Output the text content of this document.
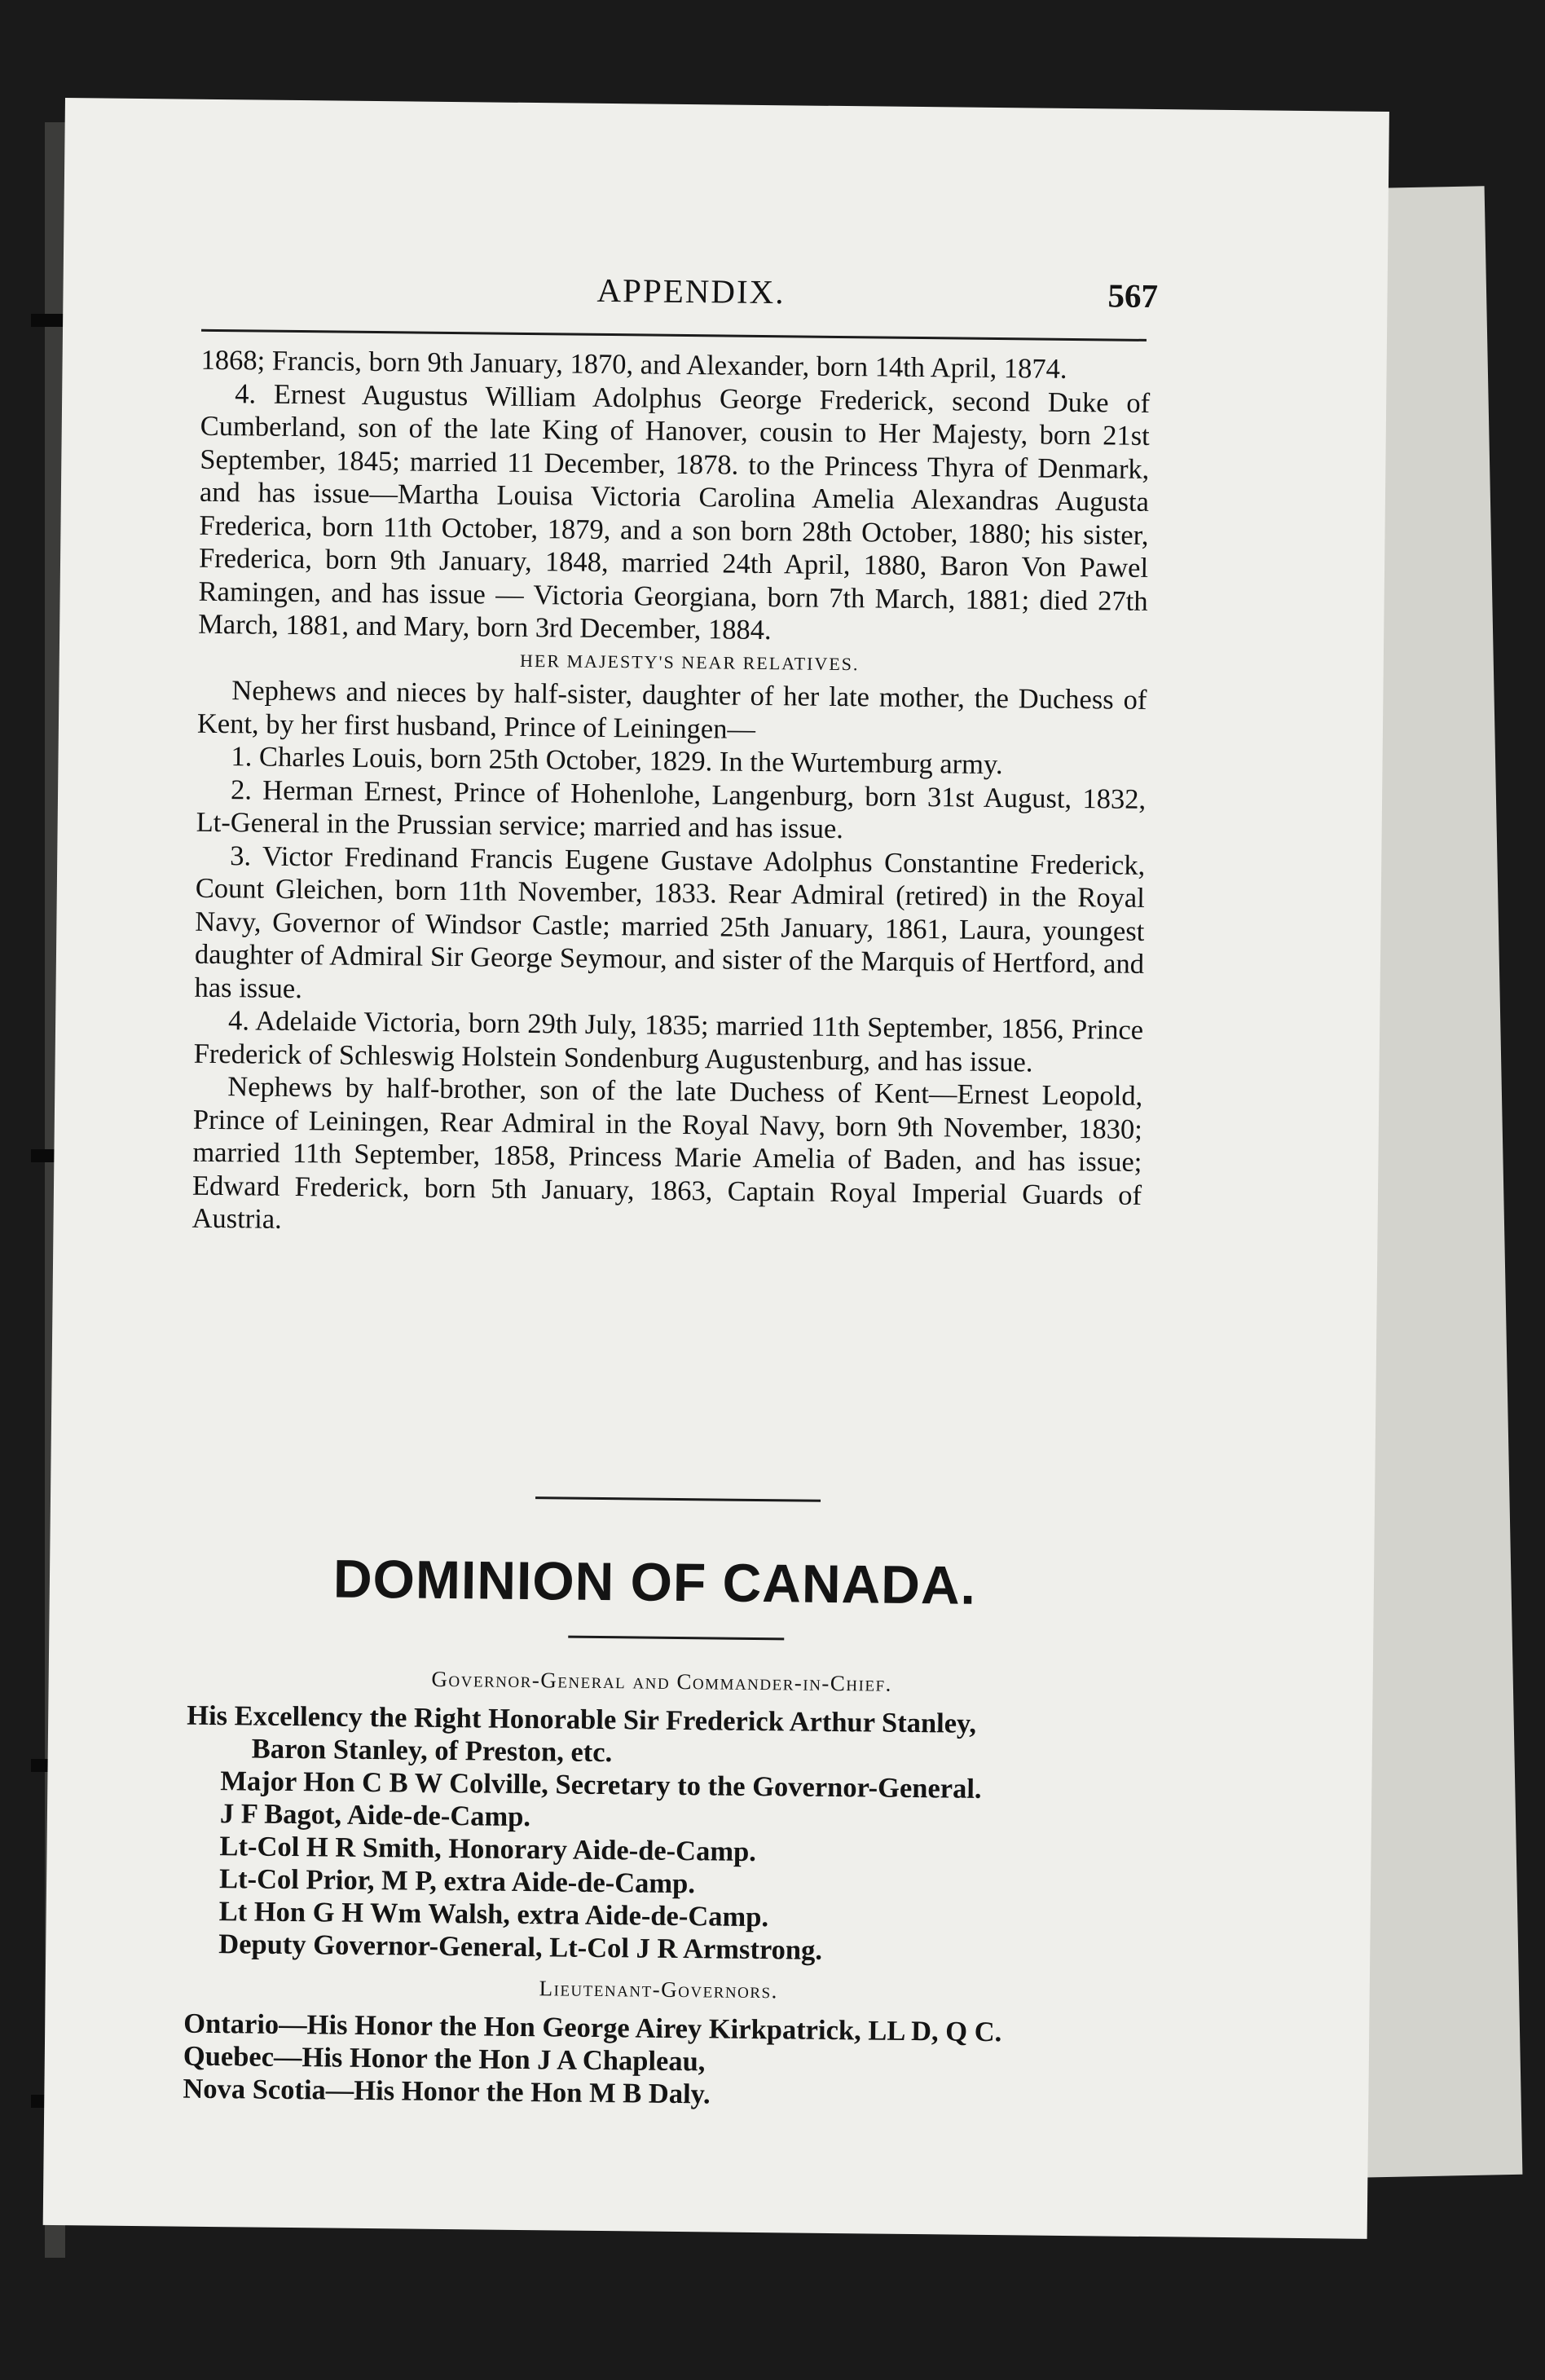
APPENDIX.	567

1868; Francis, born 9th January, 1870, and Alexander, born 14th April, 1874.

4. Ernest Augustus William Adolphus George Frederick, second Duke of Cumberland, son of the late King of Hanover, cousin to Her Majesty, born 21st September, 1845; married 11 December, 1878. to the Princess Thyra of Denmark, and has issue—Martha Louisa Victoria Carolina Amelia Alexandras Augusta Frederica, born 11th October, 1879, and a son born 28th October, 1880; his sister, Frederica, born 9th January, 1848, married 24th April, 1880, Baron Von Pawel Ramingen, and has issue — Victoria Georgiana, born 7th March, 1881; died 27th March, 1881, and Mary, born 3rd December, 1884.

HER MAJESTY'S NEAR RELATIVES.

Nephews and nieces by half-sister, daughter of her late mother, the Duchess of Kent, by her first husband, Prince of Leiningen—

1. Charles Louis, born 25th October, 1829. In the Wurtemburg army.

2. Herman Ernest, Prince of Hohenlohe, Langenburg, born 31st August, 1832, Lt-General in the Prussian service; married and has issue.

3. Victor Fredinand Francis Eugene Gustave Adolphus Constantine Frederick, Count Gleichen, born 11th November, 1833. Rear Admiral (retired) in the Royal Navy, Governor of Windsor Castle; married 25th January, 1861, Laura, youngest daughter of Admiral Sir George Seymour, and sister of the Marquis of Hertford, and has issue.

4. Adelaide Victoria, born 29th July, 1835; married 11th September, 1856, Prince Frederick of Schleswig Holstein Sondenburg Augustenburg, and has issue.

Nephews by half-brother, son of the late Duchess of Kent—Ernest Leopold, Prince of Leiningen, Rear Admiral in the Royal Navy, born 9th November, 1830; married 11th September, 1858, Princess Marie Amelia of Baden, and has issue; Edward Frederick, born 5th January, 1863, Captain Royal Imperial Guards of Austria.

DOMINION OF CANADA.
Governor-General and Commander-in-Chief.
His Excellency the Right Honorable Sir Frederick Arthur Stanley,
Baron Stanley, of Preston, etc.
Major Hon C B W Colville, Secretary to the Governor-General.
J F Bagot, Aide-de-Camp.
Lt-Col H R Smith, Honorary Aide-de-Camp.
Lt-Col Prior, M P, extra Aide-de-Camp.
Lt Hon G H Wm Walsh, extra Aide-de-Camp.
Deputy Governor-General, Lt-Col J R Armstrong.
Lieutenant-Governors.
Ontario—His Honor the Hon George Airey Kirkpatrick, LL D, Q C.
Quebec—His Honor the Hon J A Chapleau,
Nova Scotia—His Honor the Hon M B Daly.
